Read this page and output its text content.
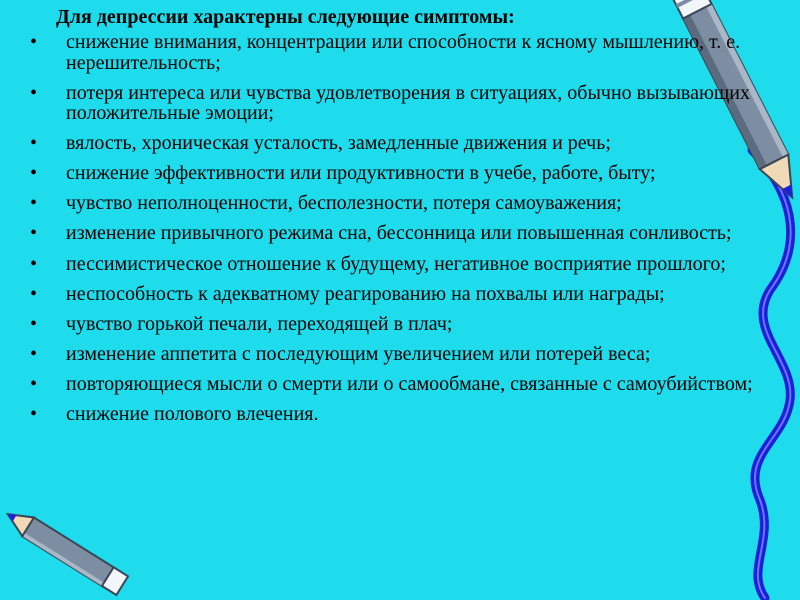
Для депрессии характерны следующие симптомы:
•	снижение внимания, концентрации или способности к ясному мышлению, т. е. нерешительность;
•	потеря интереса или чувства удовлетворения в ситуациях, обычно вызывающих положительные эмоции;
•	вялость, хроническая усталость, замедленные движения и речь;
•	снижение эффективности или продуктивности в учебе, работе, быту;
•	чувство неполноценности, бесполезности, потеря самоуважения;
•	изменение привычного режима сна, бессонница или повышенная сонливость;
•	пессимистическое отношение к будущему, негативное восприятие прошлого;
•	неспособность к адекватному реагированию на похвалы или награды;
•	чувство горькой печали, переходящей в плач;
•	изменение аппетита с последующим увеличением или потерей веса;
•	повторяющиеся мысли о смерти или о самообмане, связанные с самоубийством;
•	снижение полового влечения.
